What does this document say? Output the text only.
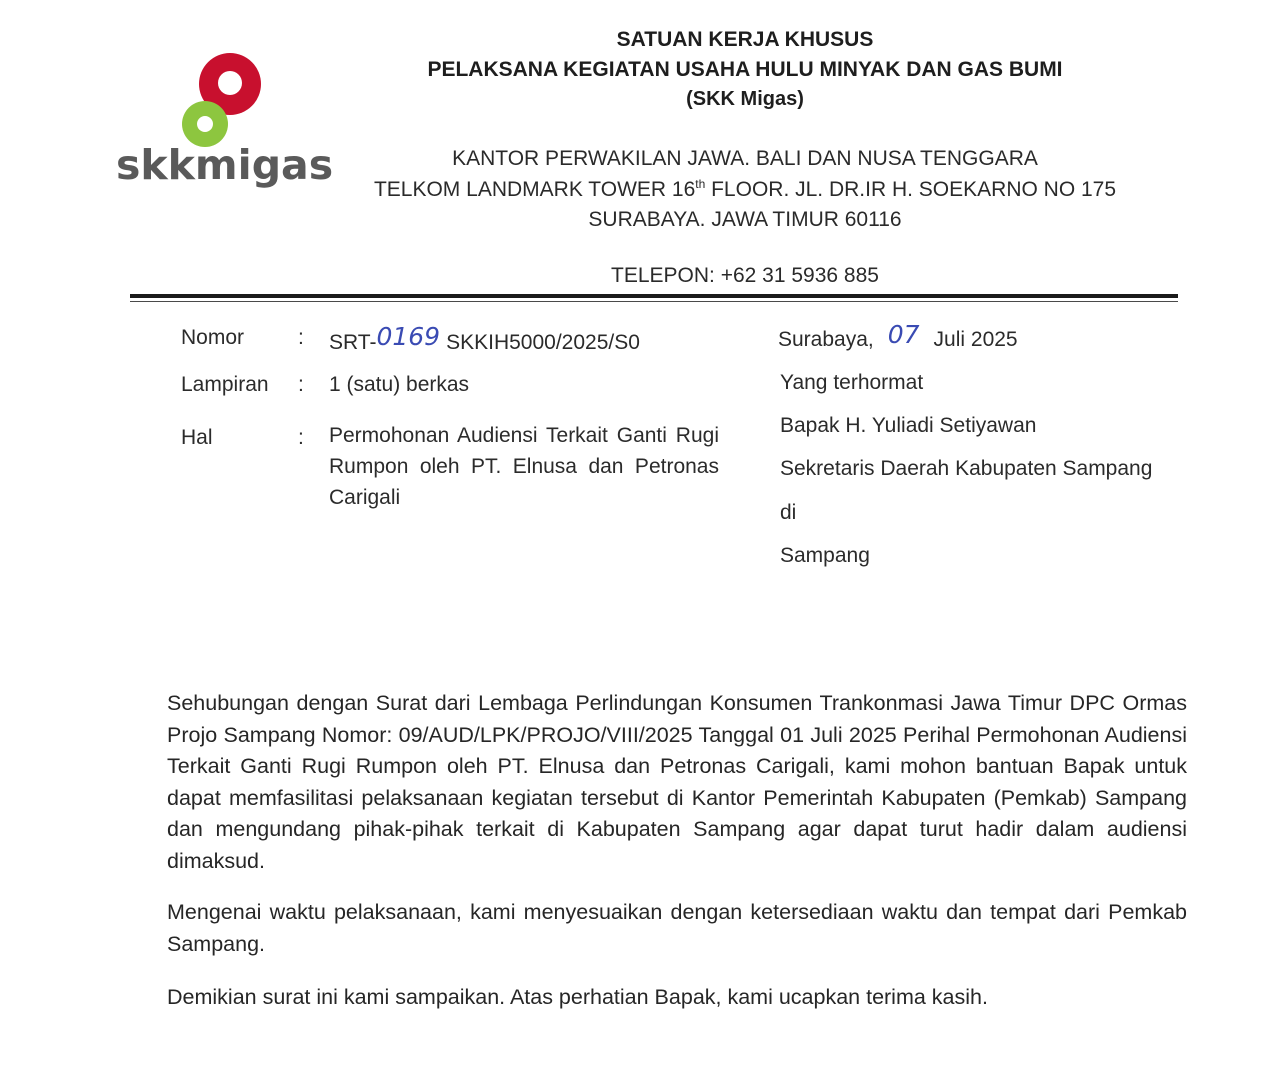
skkmigas
SATUAN KERJA KHUSUS
PELAKSANA KEGIATAN USAHA HULU MINYAK DAN GAS BUMI
(SKK Migas)
KANTOR PERWAKILAN JAWA. BALI DAN NUSA TENGGARA
TELKOM LANDMARK TOWER 16th FLOOR. JL. DR.IR H. SOEKARNO NO 175
SURABAYA. JAWA TIMUR 60116
TELEPON: +62 31 5936 885
Nomor	: SRT-0169 SKKIH5000/2025/S0
Lampiran : 1 (satu) berkas
Hal	: Permohonan Audiensi Terkait Ganti Rugi Rumpon oleh PT. Elnusa dan Petronas Carigali
Surabaya, 07 Juli 2025
Yang terhormat
Bapak H. Yuliadi Setiyawan
Sekretaris Daerah Kabupaten Sampang
di
Sampang
Sehubungan dengan Surat dari Lembaga Perlindungan Konsumen Trankonmasi Jawa Timur DPC Ormas Projo Sampang Nomor: 09/AUD/LPK/PROJO/VIII/2025 Tanggal 01 Juli 2025 Perihal Permohonan Audiensi Terkait Ganti Rugi Rumpon oleh PT. Elnusa dan Petronas Carigali, kami mohon bantuan Bapak untuk dapat memfasilitasi pelaksanaan kegiatan tersebut di Kantor Pemerintah Kabupaten (Pemkab) Sampang dan mengundang pihak-pihak terkait di Kabupaten Sampang agar dapat turut hadir dalam audiensi dimaksud.
Mengenai waktu pelaksanaan, kami menyesuaikan dengan ketersediaan waktu dan tempat dari Pemkab Sampang.
Demikian surat ini kami sampaikan. Atas perhatian Bapak, kami ucapkan terima kasih.
